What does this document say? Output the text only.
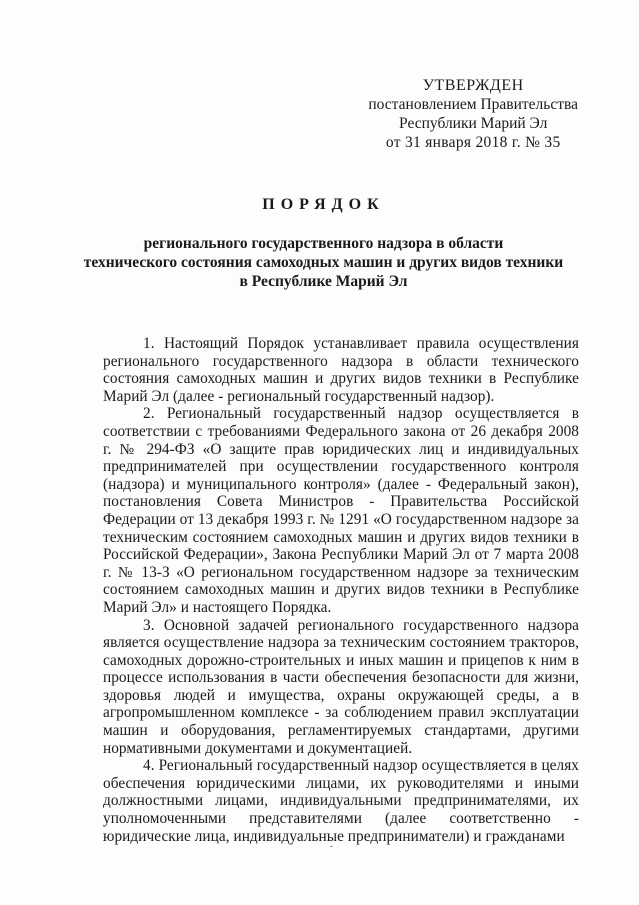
УТВЕРЖДЕН
постановлением Правительства
Республики Марий Эл
от 31 января 2018 г. № 35
ПОРЯДОК
регионального государственного надзора в области
технического состояния самоходных машин и других видов техники
в Республике Марий Эл

1. Настоящий Порядок устанавливает правила осуществления регионального государственного надзора в области технического состояния самоходных машин и других видов техники в Республике Марий Эл (далее - региональный государственный надзор).

2. Региональный государственный надзор осуществляется в соответствии с требованиями Федерального закона от 26 декабря 2008 г. № 294-ФЗ «О защите прав юридических лиц и индивидуальных предпринимателей при осуществлении государственного контроля (надзора) и муниципального контроля» (далее - Федеральный закон), постановления Совета Министров - Правительства Российской Федерации от 13 декабря 1993 г. № 1291 «О государственном надзоре за техническим состоянием самоходных машин и других видов техники в Российской Федерации», Закона Республики Марий Эл от 7 марта 2008 г. № 13-З «О региональном государственном надзоре за техническим состоянием самоходных машин и других видов техники в Республике Марий Эл» и настоящего Порядка.

3. Основной задачей регионального государственного надзора является осуществление надзора за техническим состоянием тракторов, самоходных дорожно-строительных и иных машин и прицепов к ним в процессе использования в части обеспечения безопасности для жизни, здоровья людей и имущества, охраны окружающей среды, а в агропромышленном комплексе - за соблюдением правил эксплуатации машин и оборудования, регламентируемых стандартами, другими нормативными документами и документацией.

4. Региональный государственный надзор осуществляется в целях обеспечения юридическими лицами, их руководителями и иными должностными лицами, индивидуальными предпринимателями, их уполномоченными представителями (далее соответственно - юридические лица, индивидуальные предприниматели) и гражданами
